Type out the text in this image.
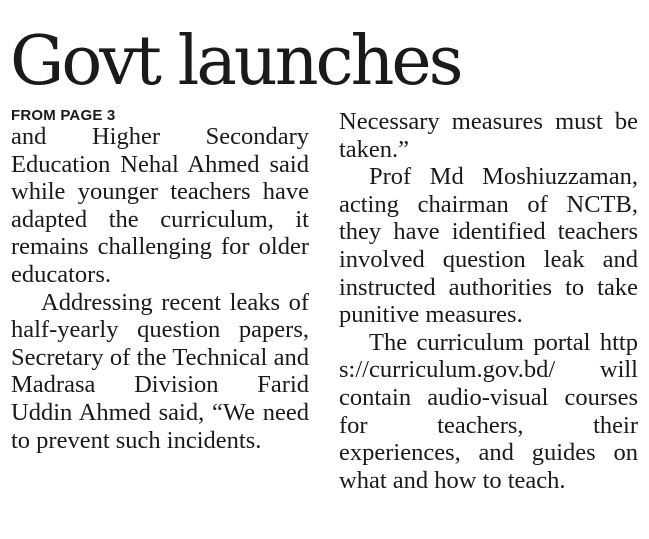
Govt launches
FROM PAGE 3

and Higher Secondary Education Nehal Ahmed said while younger teachers have adapted the curriculum, it remains challenging for older educators.

Addressing recent leaks of half-yearly question papers, Secretary of the Technical and Madrasa Division Farid Uddin Ahmed said, “We need to prevent such incidents.

Necessary measures must be taken.”

Prof Md Moshiuzzaman, acting chairman of NCTB, they have identified teachers involved question leak and instructed authorities to take punitive measures.

The curriculum portal https://curriculum.gov.bd/ will contain audio-visual courses for teachers, their experiences, and guides on what and how to teach.
